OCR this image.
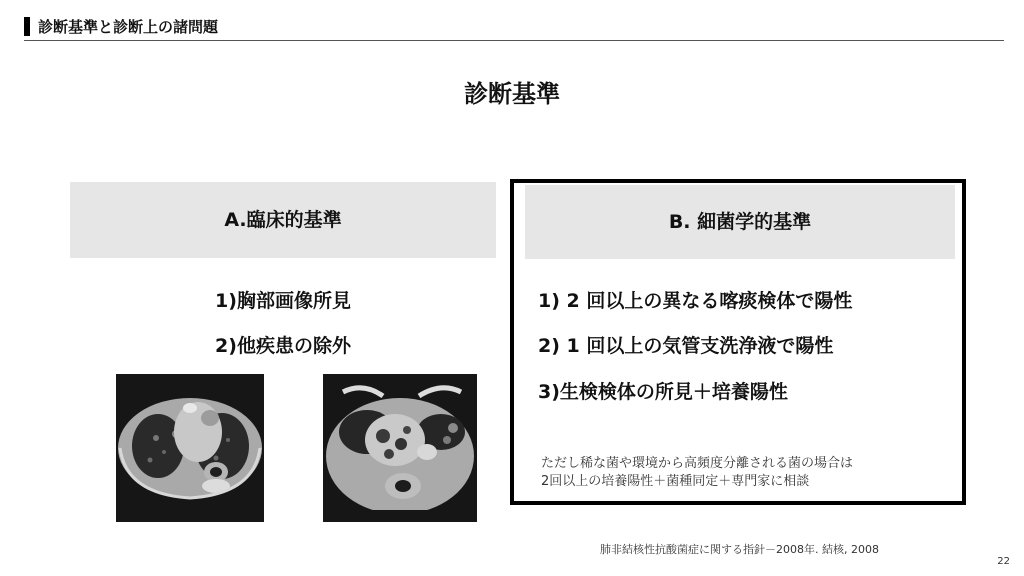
診断基準と診断上の諸問題
診断基準
A.臨床的基準	B. 細菌学的基準
1)胸部画像所見
2)他疾患の除外
1) 2 回以上の異なる喀痰検体で陽性
2) 1 回以上の気管支洗浄液で陽性
3)生検検体の所見＋培養陽性
ただし稀な菌や環境から高頻度分離される菌の場合は
2回以上の培養陽性＋菌種同定＋専門家に相談
肺非結核性抗酸菌症に関する指針－2008年. 結核, 2008
22
